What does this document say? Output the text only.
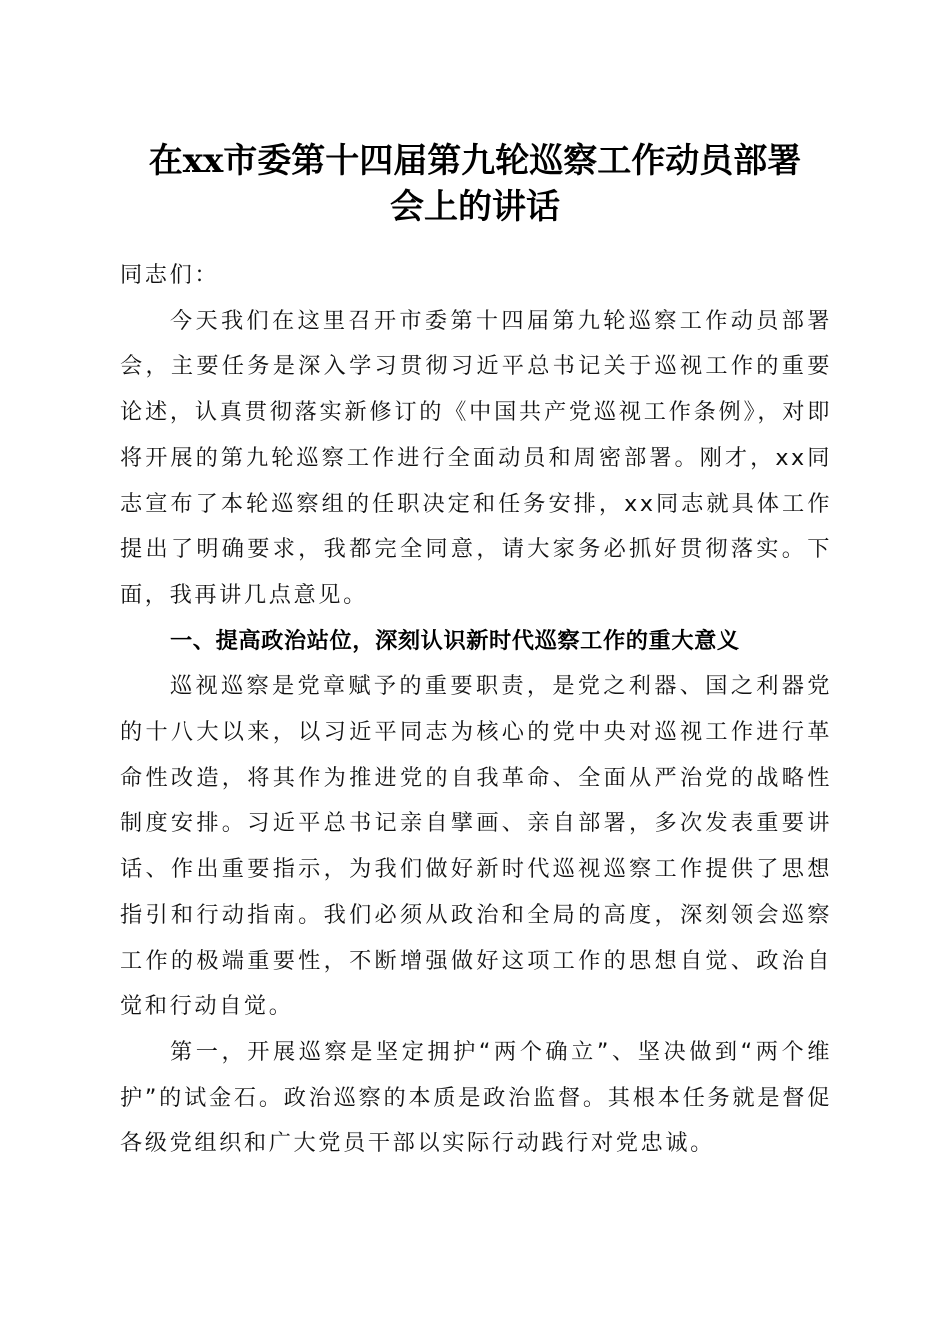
在xx市委第十四届第九轮巡察工作动员部署
会上的讲话

同志们：

今天我们在这里召开市委第十四届第九轮巡察工作动员部署会，主要任务是深入学习贯彻习近平总书记关于巡视工作的重要论述，认真贯彻落实新修订的《中国共产党巡视工作条例》，对即将开展的第九轮巡察工作进行全面动员和周密部署。刚才，xx同志宣布了本轮巡察组的任职决定和任务安排，xx同志就具体工作提出了明确要求，我都完全同意，请大家务必抓好贯彻落实。下面，我再讲几点意见。

一、提高政治站位，深刻认识新时代巡察工作的重大意义

巡视巡察是党章赋予的重要职责，是党之利器、国之利器党的十八大以来，以习近平同志为核心的党中央对巡视工作进行革命性改造，将其作为推进党的自我革命、全面从严治党的战略性制度安排。习近平总书记亲自擘画、亲自部署，多次发表重要讲话、作出重要指示，为我们做好新时代巡视巡察工作提供了思想指引和行动指南。我们必须从政治和全局的高度，深刻领会巡察工作的极端重要性，不断增强做好这项工作的思想自觉、政治自觉和行动自觉。

第一，开展巡察是坚定拥护“两个确立”、坚决做到“两个维护”的试金石。政治巡察的本质是政治监督。其根本任务就是督促各级党组织和广大党员干部以实际行动践行对党忠诚。
